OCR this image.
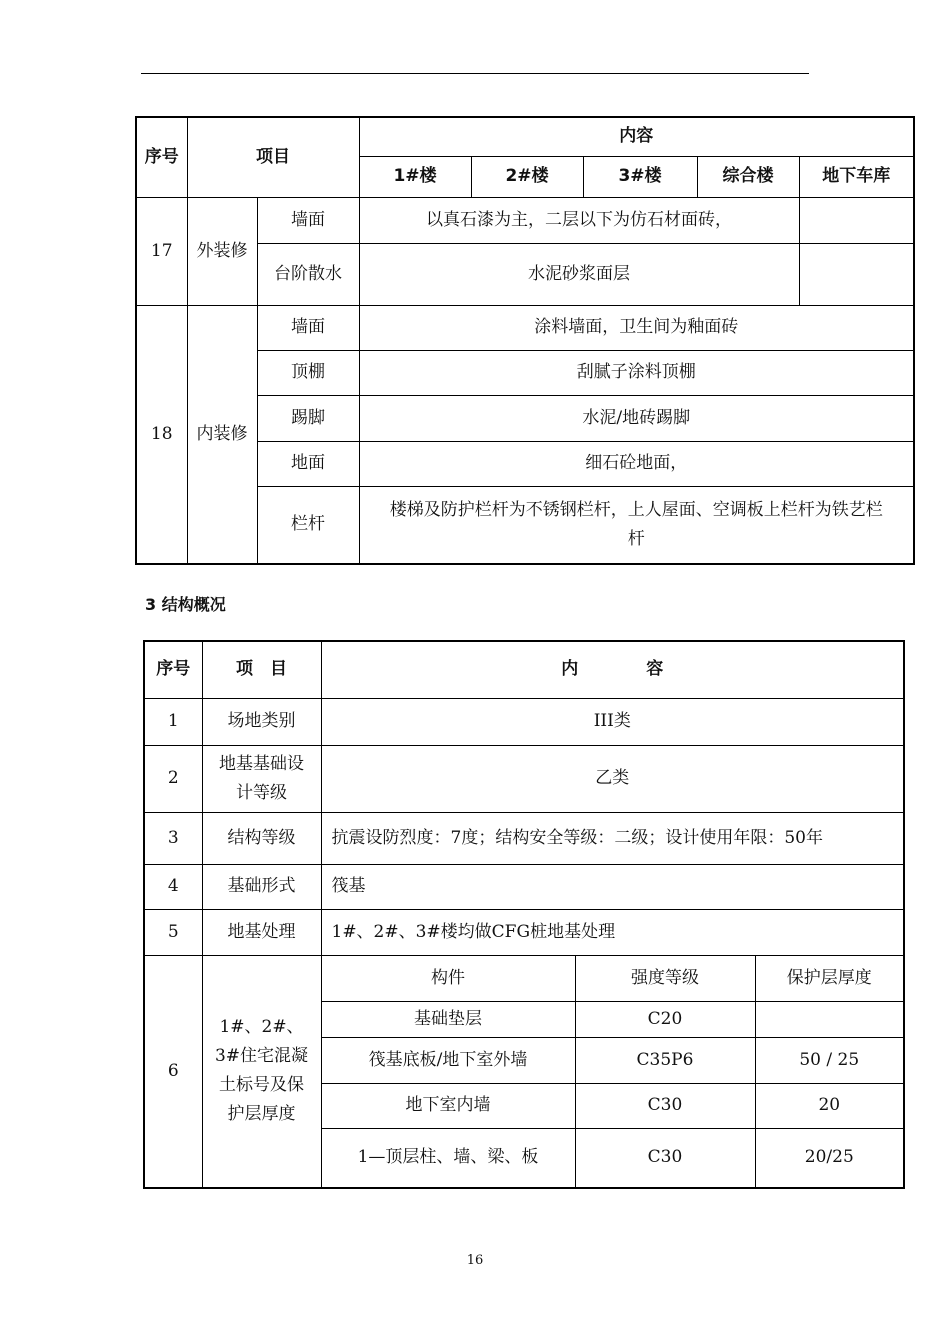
序号	项目		内容				
			1#楼	2#楼	3#楼	综合楼	地下车库
17	外装修	墙面	以真石漆为主，二层以下为仿石材面砖，				
		台阶散水	水泥砂浆面层				
18	内装修	墙面	涂料墙面，卫生间为釉面砖				
		顶棚	刮腻子涂料顶棚				
		踢脚	水泥/地砖踢脚				
		地面	细石砼地面，				
		栏杆	楼梯及防护栏杆为不锈钢栏杆，上人屋面、空调板上栏杆为铁艺栏杆				
3 结构概况
序号	项　目	内　　　　容		
1	场地类别	III类		
2	地基基础设计等级	乙类		
3	结构等级	抗震设防烈度：7度；结构安全等级：二级；设计使用年限：50年		
4	基础形式	筏基		
5	地基处理	1#、2#、3#楼均做CFG桩地基处理		
6	1#、2#、3#住宅混凝土标号及保护层厚度	构件	强度等级	保护层厚度
		基础垫层	C20	
		筏基底板/地下室外墙	C35P6	50 / 25
		地下室内墙	C30	20
		1—顶层柱、墙、梁、板	C30	20/25
16
